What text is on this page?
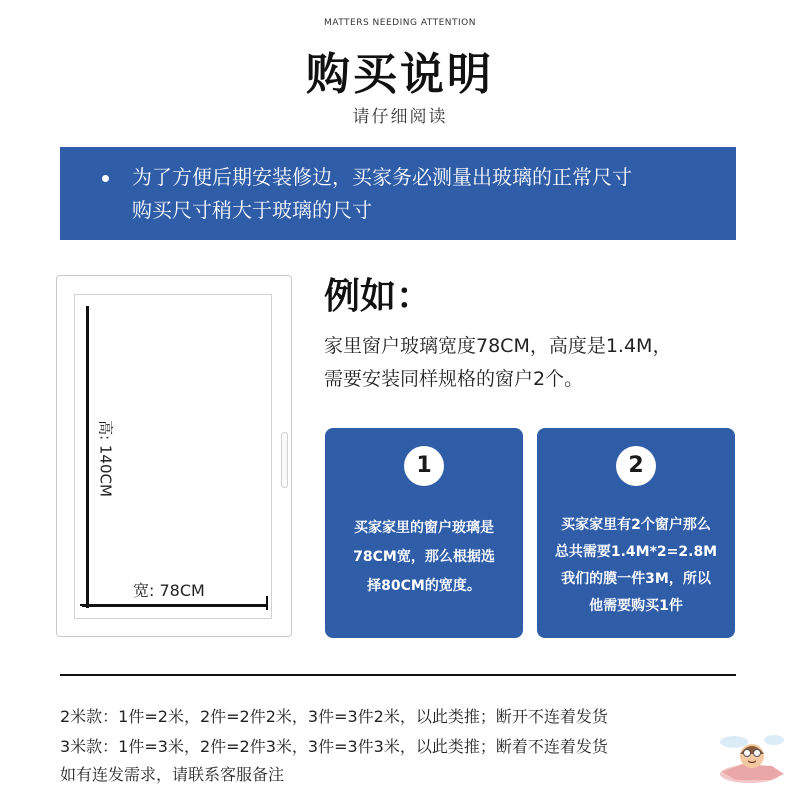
MATTERS NEEDING ATTENTION
购买说明
请仔细阅读
为了方便后期安装修边，买家务必测量出玻璃的正常尺寸
购买尺寸稍大于玻璃的尺寸
高: 140CM
宽: 78CM
例如：
家里窗户玻璃宽度78CM，高度是1.4M，
需要安装同样规格的窗户2个。
1
买家家里的窗户玻璃是
78CM宽，那么根据选
择80CM的宽度。
2
买家家里有2个窗户那么
总共需要1.4M*2=2.8M
我们的膜一件3M，所以
他需要购买1件
2米款：1件=2米，2件=2件2米，3件=3件2米，以此类推；断开不连着发货
3米款：1件=3米，2件=2件3米，3件=3件3米，以此类推；断着不连着发货
如有连发需求，请联系客服备注
